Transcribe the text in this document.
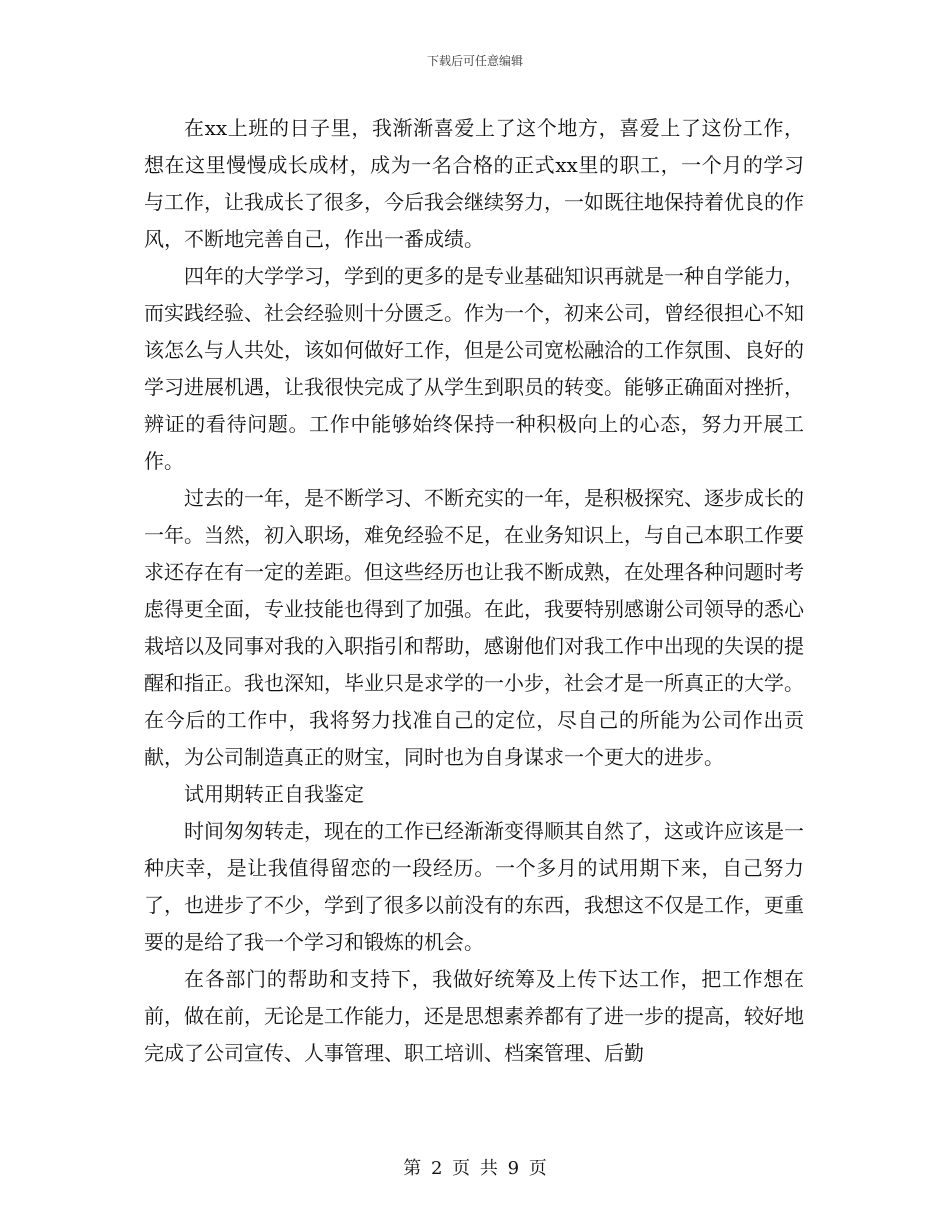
下载后可任意编辑

在xx上班的日子里，我渐渐喜爱上了这个地方，喜爱上了这份工作，想在这里慢慢成长成材，成为一名合格的正式xx里的职工，一个月的学习与工作，让我成长了很多，今后我会继续努力，一如既往地保持着优良的作风，不断地完善自己，作出一番成绩。

四年的大学学习，学到的更多的是专业基础知识再就是一种自学能力，而实践经验、社会经验则十分匮乏。作为一个，初来公司，曾经很担心不知该怎么与人共处，该如何做好工作，但是公司宽松融洽的工作氛围、良好的学习进展机遇，让我很快完成了从学生到职员的转变。能够正确面对挫折，辨证的看待问题。工作中能够始终保持一种积极向上的心态，努力开展工作。

过去的一年，是不断学习、不断充实的一年，是积极探究、逐步成长的一年。当然，初入职场，难免经验不足，在业务知识上，与自己本职工作要求还存在有一定的差距。但这些经历也让我不断成熟，在处理各种问题时考虑得更全面，专业技能也得到了加强。在此，我要特别感谢公司领导的悉心栽培以及同事对我的入职指引和帮助，感谢他们对我工作中出现的失误的提醒和指正。我也深知，毕业只是求学的一小步，社会才是一所真正的大学。在今后的工作中，我将努力找准自己的定位，尽自己的所能为公司作出贡献，为公司制造真正的财宝，同时也为自身谋求一个更大的进步。

试用期转正自我鉴定

时间匆匆转走，现在的工作已经渐渐变得顺其自然了，这或许应该是一种庆幸，是让我值得留恋的一段经历。一个多月的试用期下来，自己努力了，也进步了不少，学到了很多以前没有的东西，我想这不仅是工作，更重要的是给了我一个学习和锻炼的机会。

在各部门的帮助和支持下，我做好统筹及上传下达工作，把工作想在前，做在前，无论是工作能力，还是思想素养都有了进一步的提高，较好地完成了公司宣传、人事管理、职工培训、档案管理、后勤

第 2 页 共 9 页
